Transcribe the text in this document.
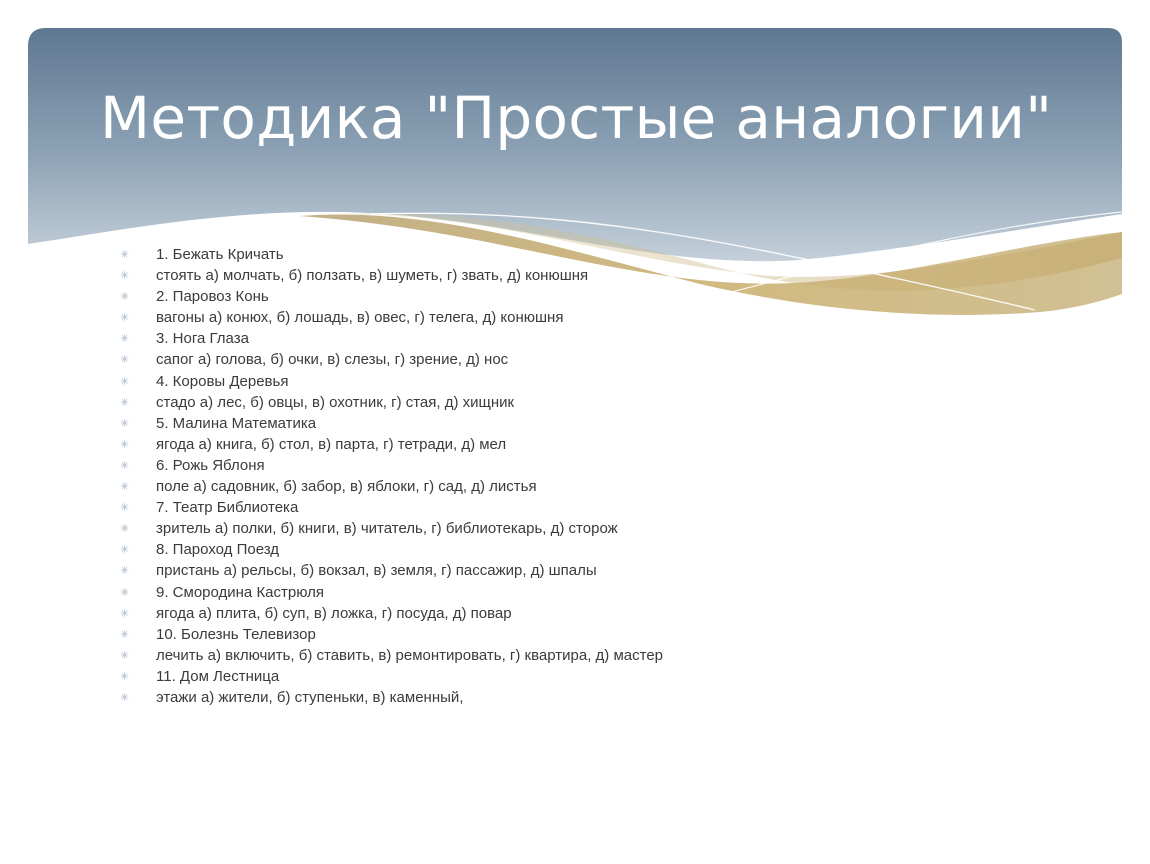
Методика "Простые аналогии"
✳	1. Бежать Кричать
✳	стоять а) молчать, б) ползать, в) шуметь, г) звать, д) конюшня
✳	2. Паровоз Конь
✳	вагоны а) конюх, б) лошадь, в) овес, г) телега, д) конюшня
✳	3. Нога Глаза
✳	сапог а) голова, б) очки, в) слезы, г) зрение, д) нос
✳	4. Коровы Деревья
✳	стадо а) лес, б) овцы, в) охотник, г) стая, д) хищник
✳	5. Малина Математика
✳	ягода а) книга, б) стол, в) парта, г) тетради, д) мел
✳	6. Рожь Яблоня
✳	поле а) садовник, б) забор, в) яблоки, г) сад, д) листья
✳	7. Театр Библиотека
✳	зритель а) полки, б) книги, в) читатель, г) библиотекарь, д) сторож
✳	8. Пароход Поезд
✳	пристань а) рельсы, б) вокзал, в) земля, г) пассажир, д) шпалы
✳	9. Смородина Кастрюля
✳	ягода а) плита, б) суп, в) ложка, г) посуда, д) повар
✳	10. Болезнь Телевизор
✳	лечить а) включить, б) ставить, в) ремонтировать, г) квартира, д) мастер
✳	11. Дом Лестница
✳	этажи а) жители, б) ступеньки, в) каменный,
